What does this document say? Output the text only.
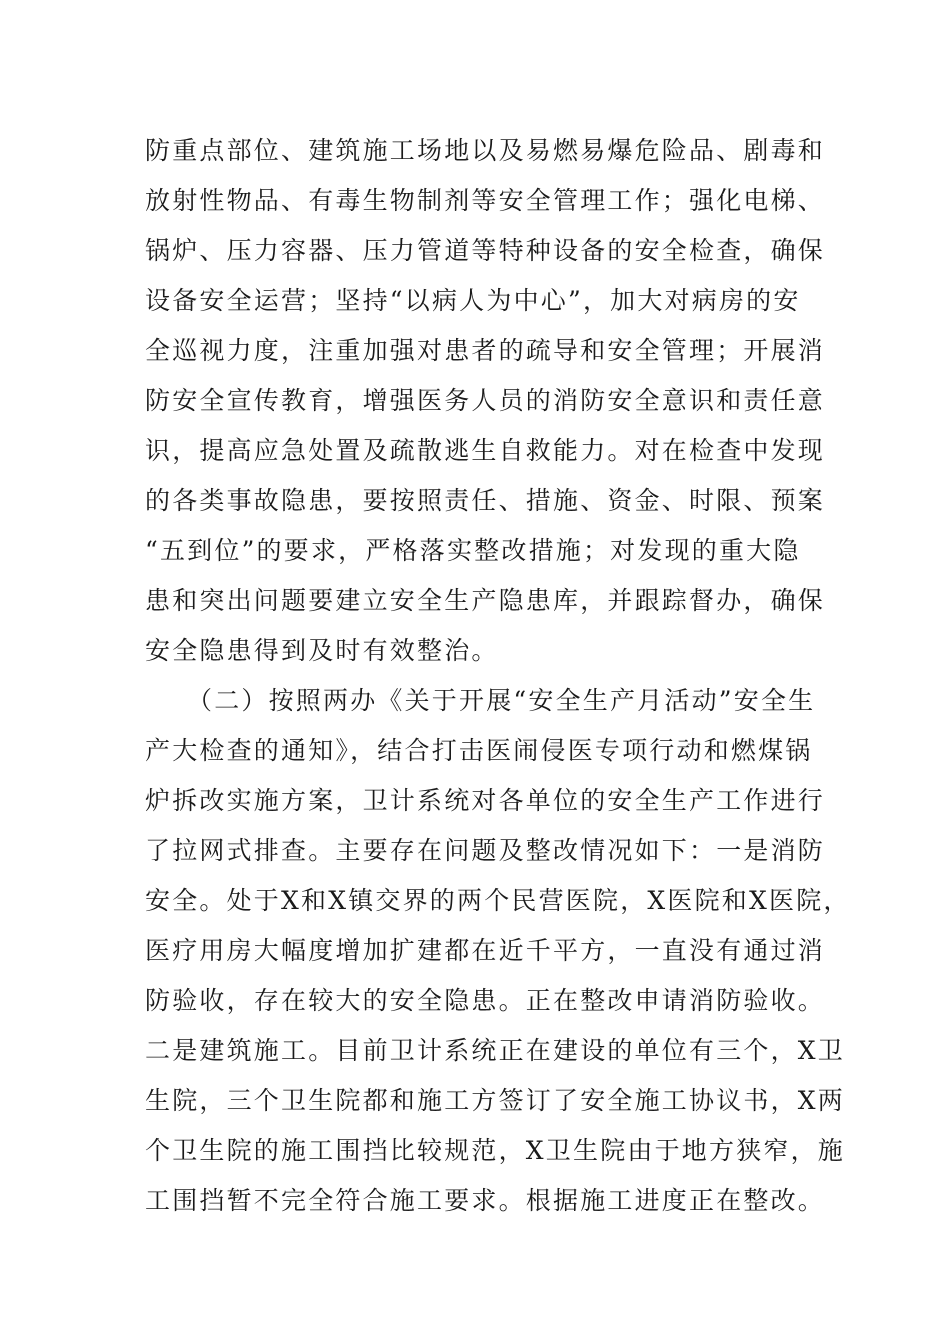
防重点部位、建筑施工场地以及易燃易爆危险品、剧毒和
放射性物品、有毒生物制剂等安全管理工作；强化电梯、
锅炉、压力容器、压力管道等特种设备的安全检查，确保
设备安全运营；坚持“以病人为中心”，加大对病房的安
全巡视力度，注重加强对患者的疏导和安全管理；开展消
防安全宣传教育，增强医务人员的消防安全意识和责任意
识，提高应急处置及疏散逃生自救能力。对在检查中发现
的各类事故隐患，要按照责任、措施、资金、时限、预案
“五到位”的要求，严格落实整改措施；对发现的重大隐
患和突出问题要建立安全生产隐患库，并跟踪督办，确保
安全隐患得到及时有效整治。
（二）按照两办《关于开展“安全生产月活动”安全生
产大检查的通知》，结合打击医闹侵医专项行动和燃煤锅
炉拆改实施方案，卫计系统对各单位的安全生产工作进行
了拉网式排查。主要存在问题及整改情况如下：一是消防
安全。处于X和X镇交界的两个民营医院，X医院和X医院，
医疗用房大幅度增加扩建都在近千平方，一直没有通过消
防验收，存在较大的安全隐患。正在整改申请消防验收。
二是建筑施工。目前卫计系统正在建设的单位有三个，X卫
生院，三个卫生院都和施工方签订了安全施工协议书，X两
个卫生院的施工围挡比较规范，X卫生院由于地方狭窄，施
工围挡暂不完全符合施工要求。根据施工进度正在整改。
